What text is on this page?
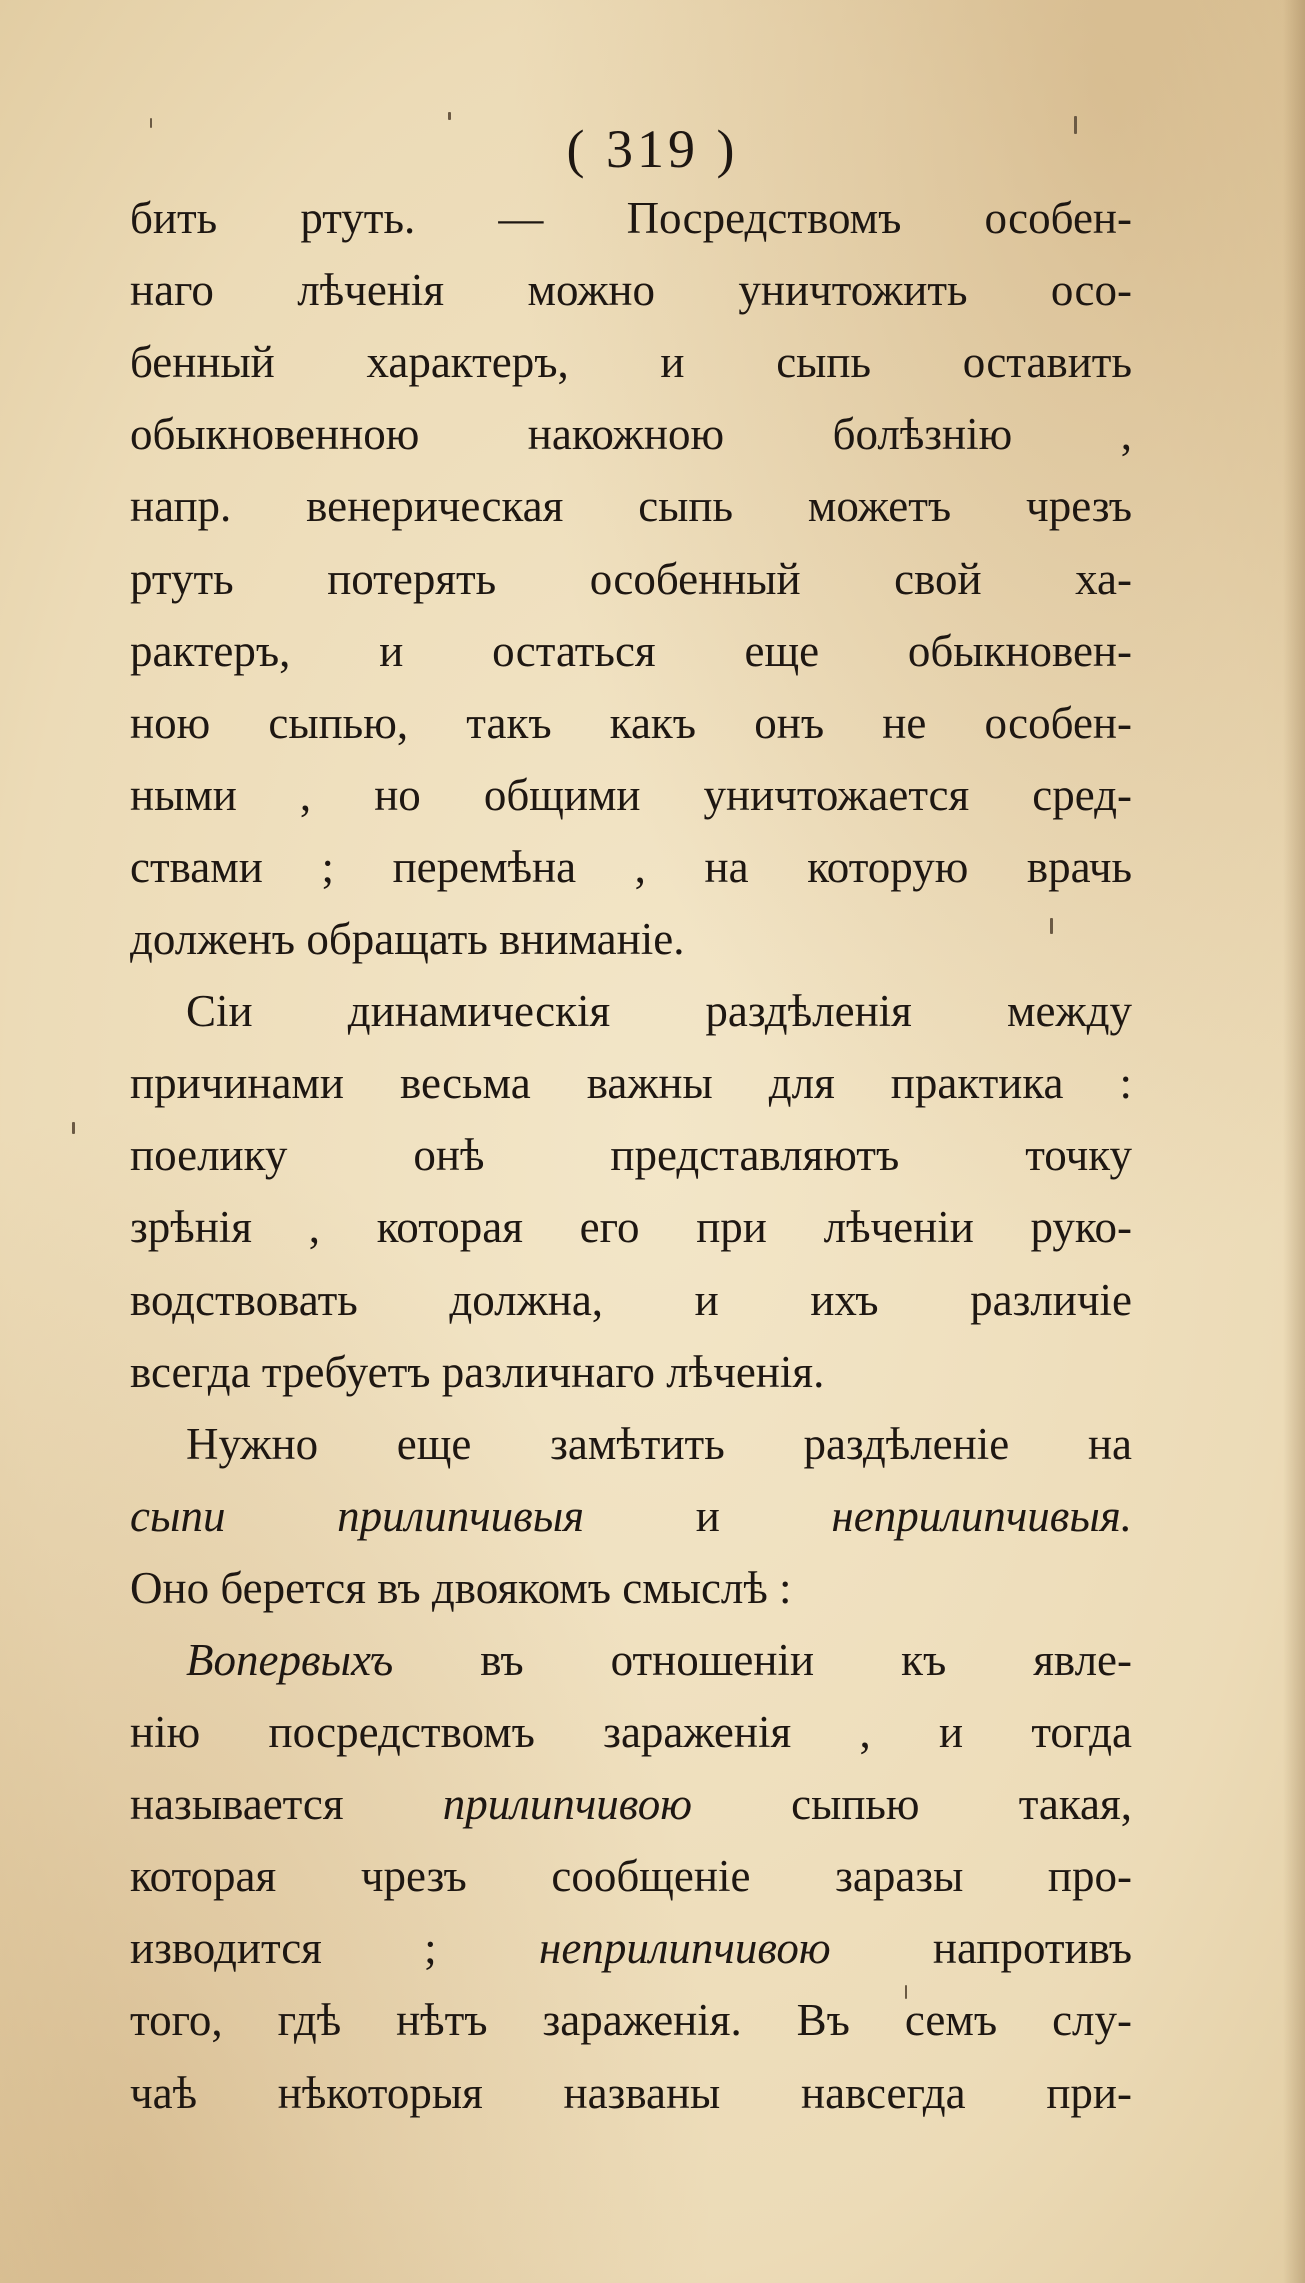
( 319 )
бить ртуть. — Посредствомъ особен-
наго лѣченія можно уничтожить осо-
бенный характеръ, и сыпь оставить
обыкновенною накожною болѣзнію ,
напр. венерическая сыпь можетъ чрезъ
ртуть потерять особенный свой ха-
рактеръ, и остаться еще обыкновен-
ною сыпью, такъ какъ онъ не особен-
ными , но общими уничтожается сред-
ствами ; перемѣна , на которую врачь
долженъ обращать вниманіе.
Сіи динамическія раздѣленія между
причинами весьма важны для практика :
поелику онѣ представляютъ точку
зрѣнія , которая его при лѣченіи руко-
водствовать должна, и ихъ различіе
всегда требуетъ различнаго лѣченія.
Нужно еще замѣтить раздѣленіе на
сыпи прилипчивыя и неприлипчивыя.
Оно берется въ двоякомъ смыслѣ :
Вопервыхъ въ отношеніи къ явле-
нію посредствомъ зараженія , и тогда
называется прилипчивою сыпью такая,
которая чрезъ сообщеніе заразы про-
изводится ; неприлипчивою напротивъ
того, гдѣ нѣтъ зараженія. Въ семъ слу-
чаѣ нѣкоторыя названы навсегда при-
